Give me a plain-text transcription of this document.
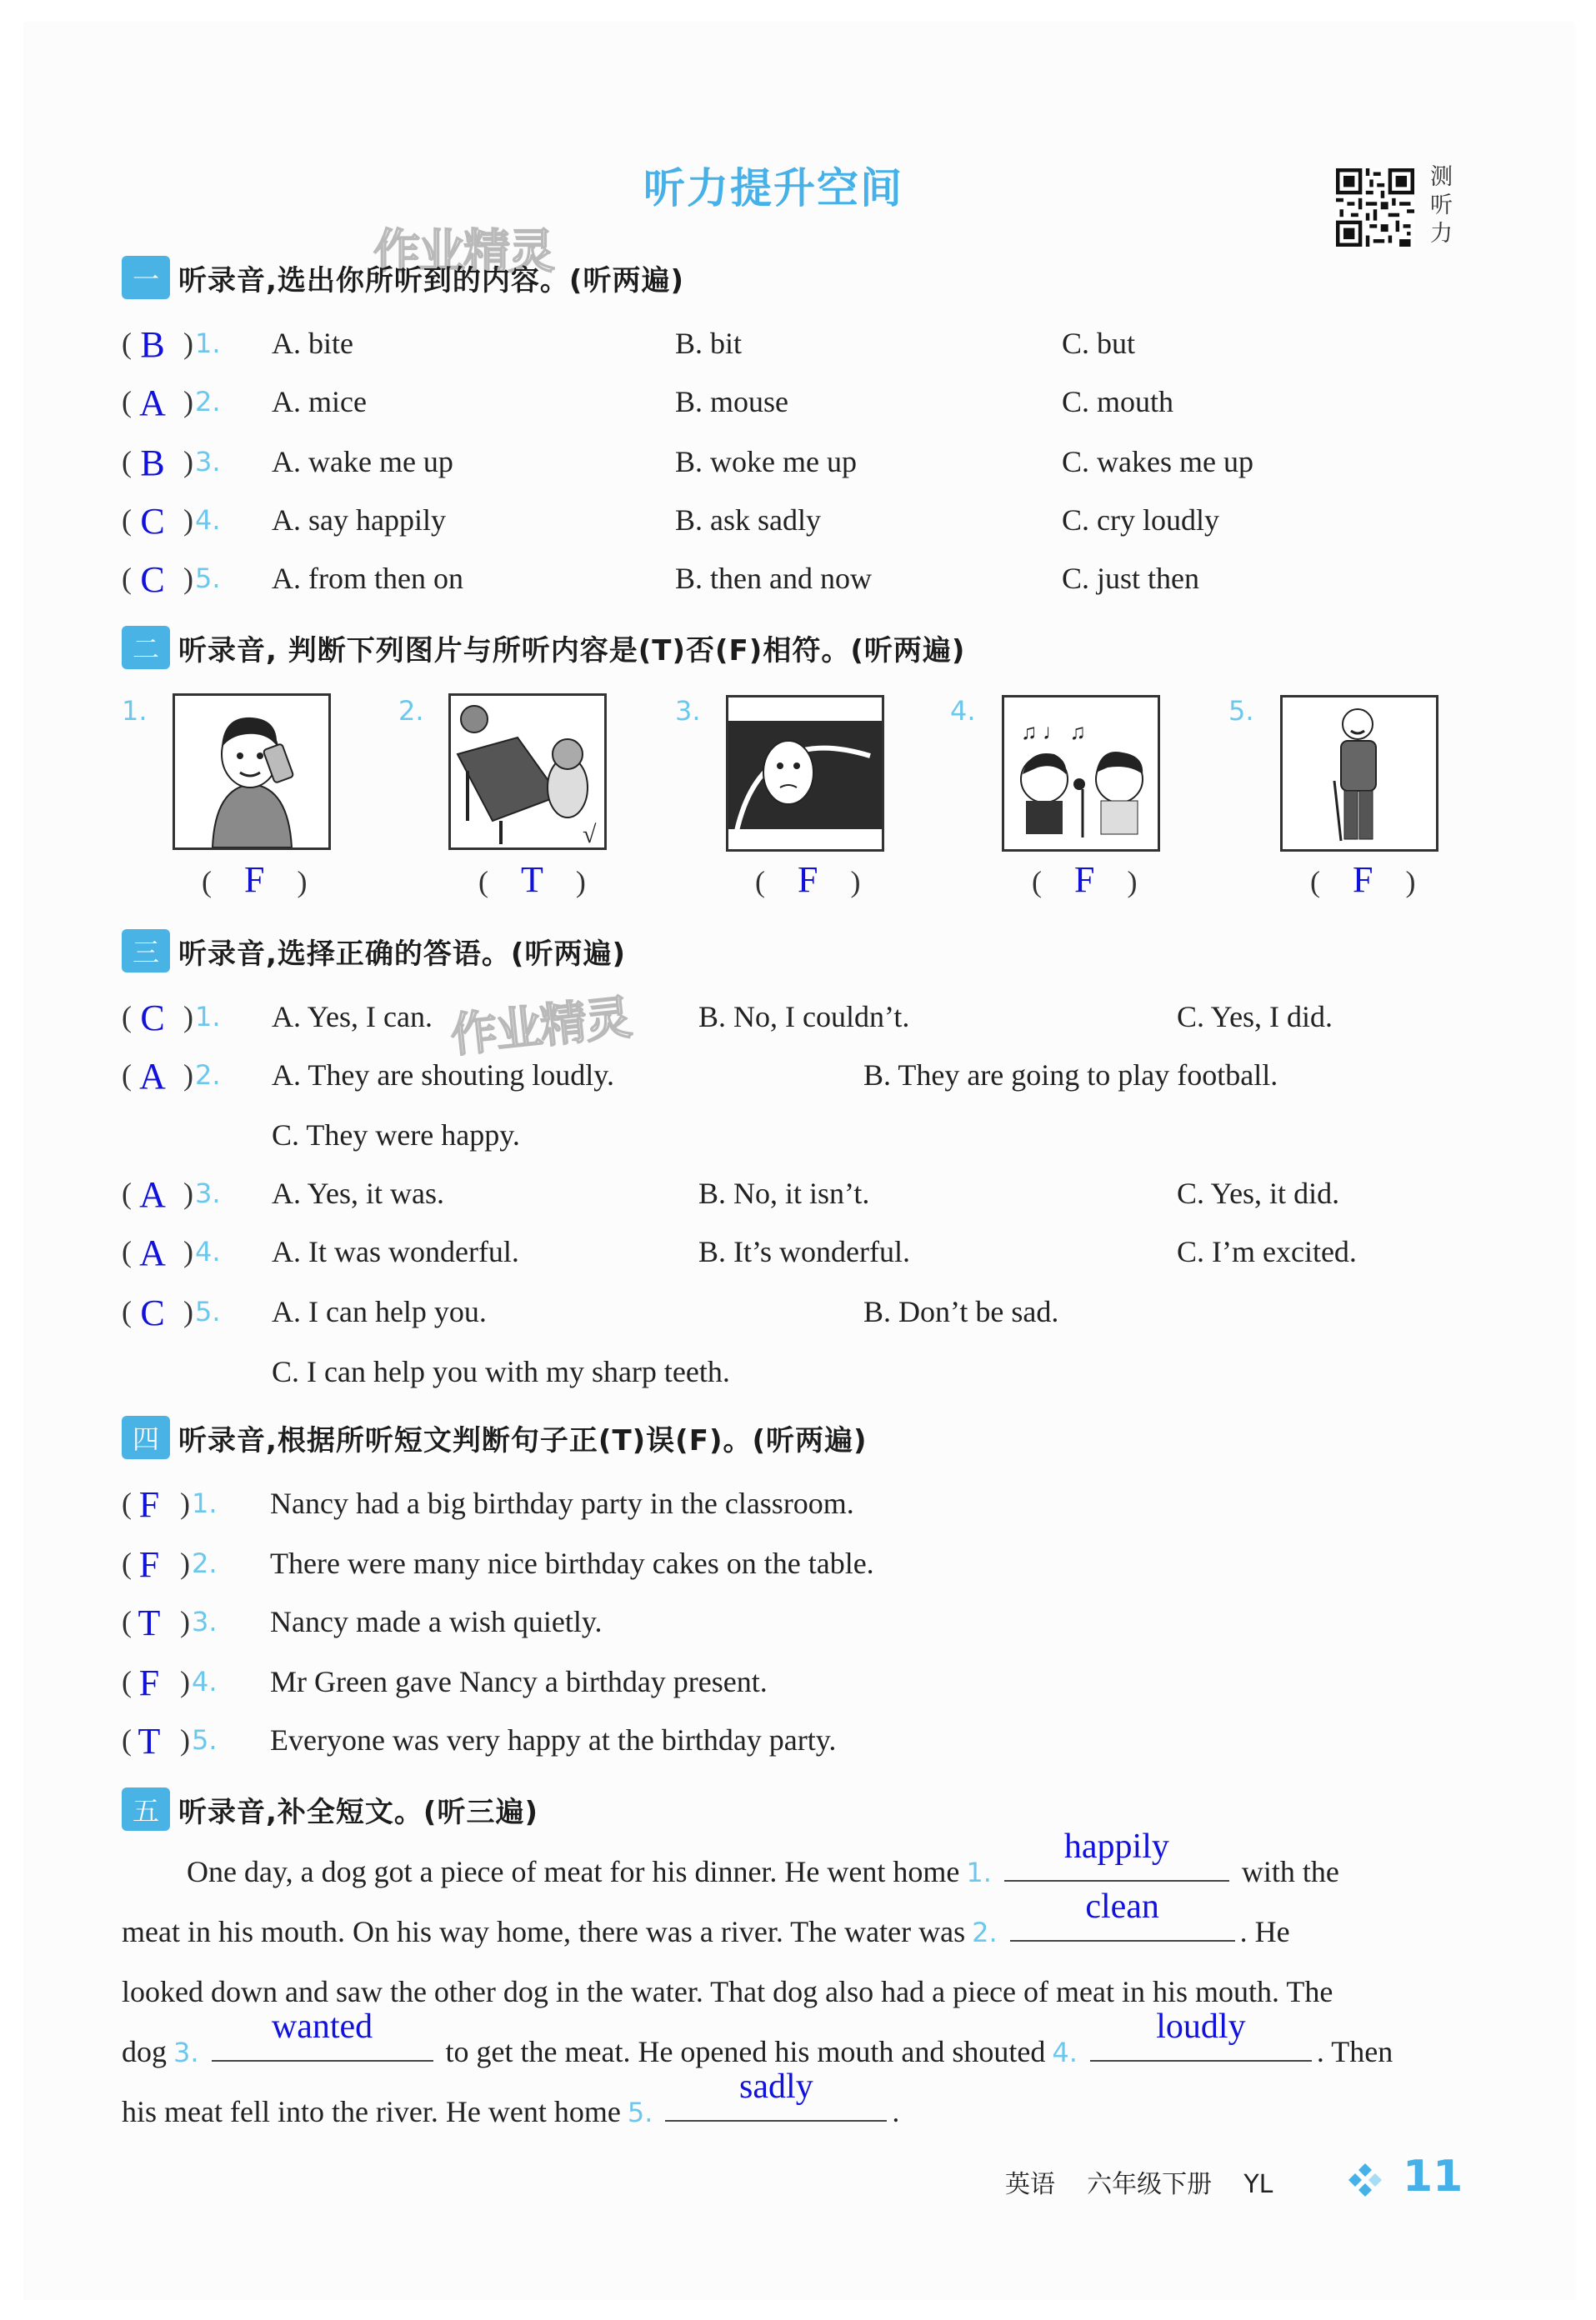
听力提升空间
作业精灵
测听力
一 听录音,选出你所听到的内容。(听两遍)
( B ) 1. A. bite	B. bit	C. but
( A ) 2. A. mice	B. mouse	C. mouth
( B ) 3. A. wake me up	B. woke me up	C. wakes me up
( C ) 4. A. say happily	B. ask sadly	C. cry loudly
( C ) 5. A. from then on	B. then and now	C. just then
二 听录音, 判断下列图片与所听内容是(T)否(F)相符。(听两遍)
1.
( F )
2.
√
( T )
3.
( F )
4.
♫ ♩ ♫
( F )
5.
( F )
三 听录音,选择正确的答语。(听两遍)
作业精灵
( C ) 1. A. Yes, I can.	B. No, I couldn’t.	C. Yes, I did.
( A ) 2. A. They are shouting loudly.	B. They are going to play football.
C. They were happy.
( A ) 3. A. Yes, it was.	B. No, it isn’t.	C. Yes, it did.
( A ) 4. A. It was wonderful.	B. It’s wonderful.	C. I’m excited.
( C ) 5. A. I can help you.	B. Don’t be sad.
C. I can help you with my sharp teeth.
四 听录音,根据所听短文判断句子正(T)误(F)。(听两遍)
( F ) 1. Nancy had a big birthday party in the classroom.
( F ) 2. There were many nice birthday cakes on the table.
( T ) 3. Nancy made a wish quietly.
( F ) 4. Mr Green gave Nancy a birthday present.
( T ) 5. Everyone was very happy at the birthday party.
五 听录音,补全短文。(听三遍)
One day, a dog got a piece of meat for his dinner. He went home 1.
happily
with the
meat in his mouth. On his way home, there was a river. The water was 2.
clean
. He
looked down and saw the other dog in the water. That dog also had a piece of meat in his mouth. The
dog 3.
wanted
to get the meat. He opened his mouth and shouted 4.
loudly
. Then
his meat fell into the river. He went home 5.
sadly
.
英语 六年级下册 YL	11
